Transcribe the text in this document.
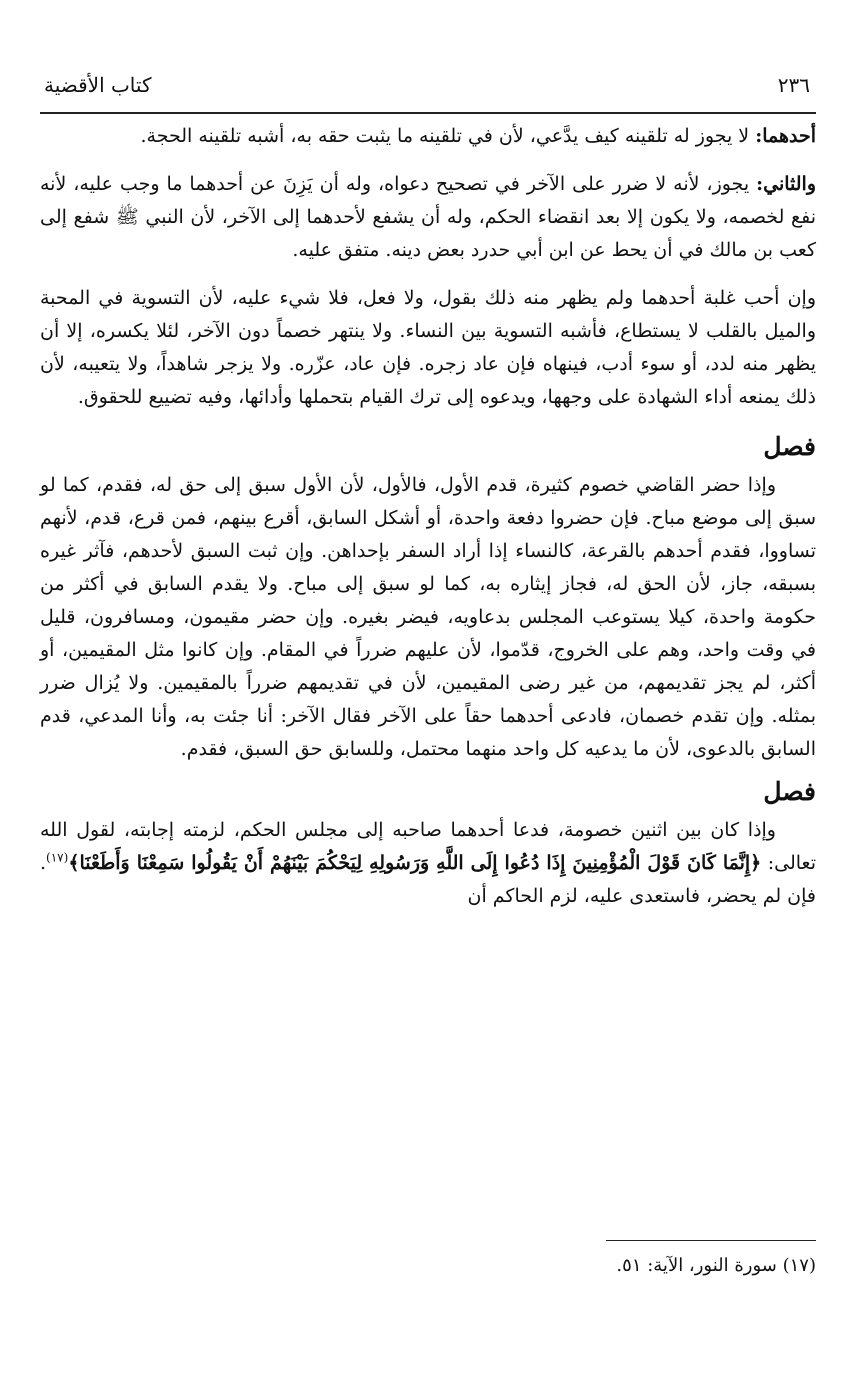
٢٣٦
كتاب الأقضية

أحدهما: لا يجوز له تلقينه كيف يدَّعي، لأن في تلقينه ما يثبت حقه به، أشبه تلقينه الحجة.

والثاني: يجوز، لأنه لا ضرر على الآخر في تصحيح دعواه، وله أن يَزِنَ عن أحدهما ما وجب عليه، لأنه نفع لخصمه، ولا يكون إلا بعد انقضاء الحكم، وله أن يشفع لأحدهما إلى الآخر، لأن النبي ﷺ شفع إلى كعب بن مالك في أن يحط عن ابن أبي حدرد بعض دينه. متفق عليه.

وإن أحب غلبة أحدهما ولم يظهر منه ذلك بقول، ولا فعل، فلا شيء عليه، لأن التسوية في المحبة والميل بالقلب لا يستطاع، فأشبه التسوية بين النساء. ولا ينتهر خصماً دون الآخر، لئلا يكسره، إلا أن يظهر منه لدد، أو سوء أدب، فينهاه فإن عاد زجره. فإن عاد، عزّره. ولا يزجر شاهداً، ولا يتعيبه، لأن ذلك يمنعه أداء الشهادة على وجهها، ويدعوه إلى ترك القيام بتحملها وأدائها، وفيه تضييع للحقوق.

فصل

وإذا حضر القاضي خصوم كثيرة، قدم الأول، فالأول، لأن الأول سبق إلى حق له، فقدم، كما لو سبق إلى موضع مباح. فإن حضروا دفعة واحدة، أو أشكل السابق، أقرع بينهم، فمن قرع، قدم، لأنهم تساووا، فقدم أحدهم بالقرعة، كالنساء إذا أراد السفر بإحداهن. وإن ثبت السبق لأحدهم، فآثر غيره بسبقه، جاز، لأن الحق له، فجاز إيثاره به، كما لو سبق إلى مباح. ولا يقدم السابق في أكثر من حكومة واحدة، كيلا يستوعب المجلس بدعاويه، فيضر بغيره. وإن حضر مقيمون، ومسافرون، قليل في وقت واحد، وهم على الخروج، قدّموا، لأن عليهم ضرراً في المقام. وإن كانوا مثل المقيمين، أو أكثر، لم يجز تقديمهم، من غير رضى المقيمين، لأن في تقديمهم ضرراً بالمقيمين. ولا يُزال ضرر بمثله. وإن تقدم خصمان، فادعى أحدهما حقاً على الآخر فقال الآخر: أنا جئت به، وأنا المدعي، قدم السابق بالدعوى، لأن ما يدعيه كل واحد منهما محتمل، وللسابق حق السبق، فقدم.

فصل

وإذا كان بين اثنين خصومة، فدعا أحدهما صاحبه إلى مجلس الحكم، لزمته إجابته، لقول الله تعالى: ﴿إِنَّمَا كَانَ قَوْلَ الْمُؤْمِنِينَ إِذَا دُعُوا إِلَى اللَّهِ وَرَسُولِهِ لِيَحْكُمَ بَيْنَهُمْ أَنْ يَقُولُوا سَمِعْنَا وَأَطَعْنَا﴾$^{(١٧)}$. فإن لم يحضر، فاستعدى عليه، لزم الحاكم أن

(١٧) سورة النور، الآية: ٥١.
